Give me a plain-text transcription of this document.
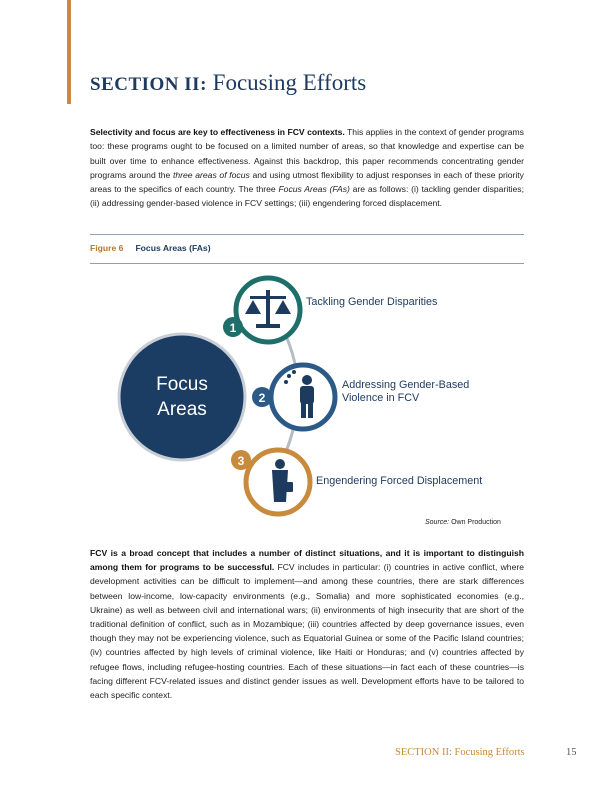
SECTION II: Focusing Efforts

Selectivity and focus are key to effectiveness in FCV contexts. This applies in the context of gender programs too: these programs ought to be focused on a limited number of areas, so that knowledge and expertise can be built over time to enhance effectiveness. Against this backdrop, this paper recommends concentrating gender programs around the three areas of focus and using utmost flexibility to adjust responses in each of these priority areas to the specifics of each country. The three Focus Areas (FAs) are as follows: (i) tackling gender disparities; (ii) addressing gender-based violence in FCV settings; (iii) engendering forced displacement.

Figure 6 Focus Areas (FAs)
Focus
Areas
1
2
3
Tackling Gender Disparities
Addressing Gender-Based
Violence in FCV
Engendering Forced Displacement
Source: Own Production

FCV is a broad concept that includes a number of distinct situations, and it is important to distinguish among them for programs to be successful. FCV includes in particular: (i) countries in active conflict, where development activities can be difficult to implement—and among these countries, there are stark differences between low-income, low-capacity environments (e.g., Somalia) and more sophisticated economies (e.g., Ukraine) as well as between civil and international wars; (ii) environments of high insecurity that are short of the traditional definition of conflict, such as in Mozambique; (iii) countries affected by deep governance issues, even though they may not be experiencing violence, such as Equatorial Guinea or some of the Pacific Island countries; (iv) countries affected by high levels of criminal violence, like Haiti or Honduras; and (v) countries affected by refugee flows, including refugee-hosting countries. Each of these situations—in fact each of these countries—is facing different FCV-related issues and distinct gender issues as well. Development efforts have to be tailored to each specific context.

SECTION II: Focusing Efforts	15
